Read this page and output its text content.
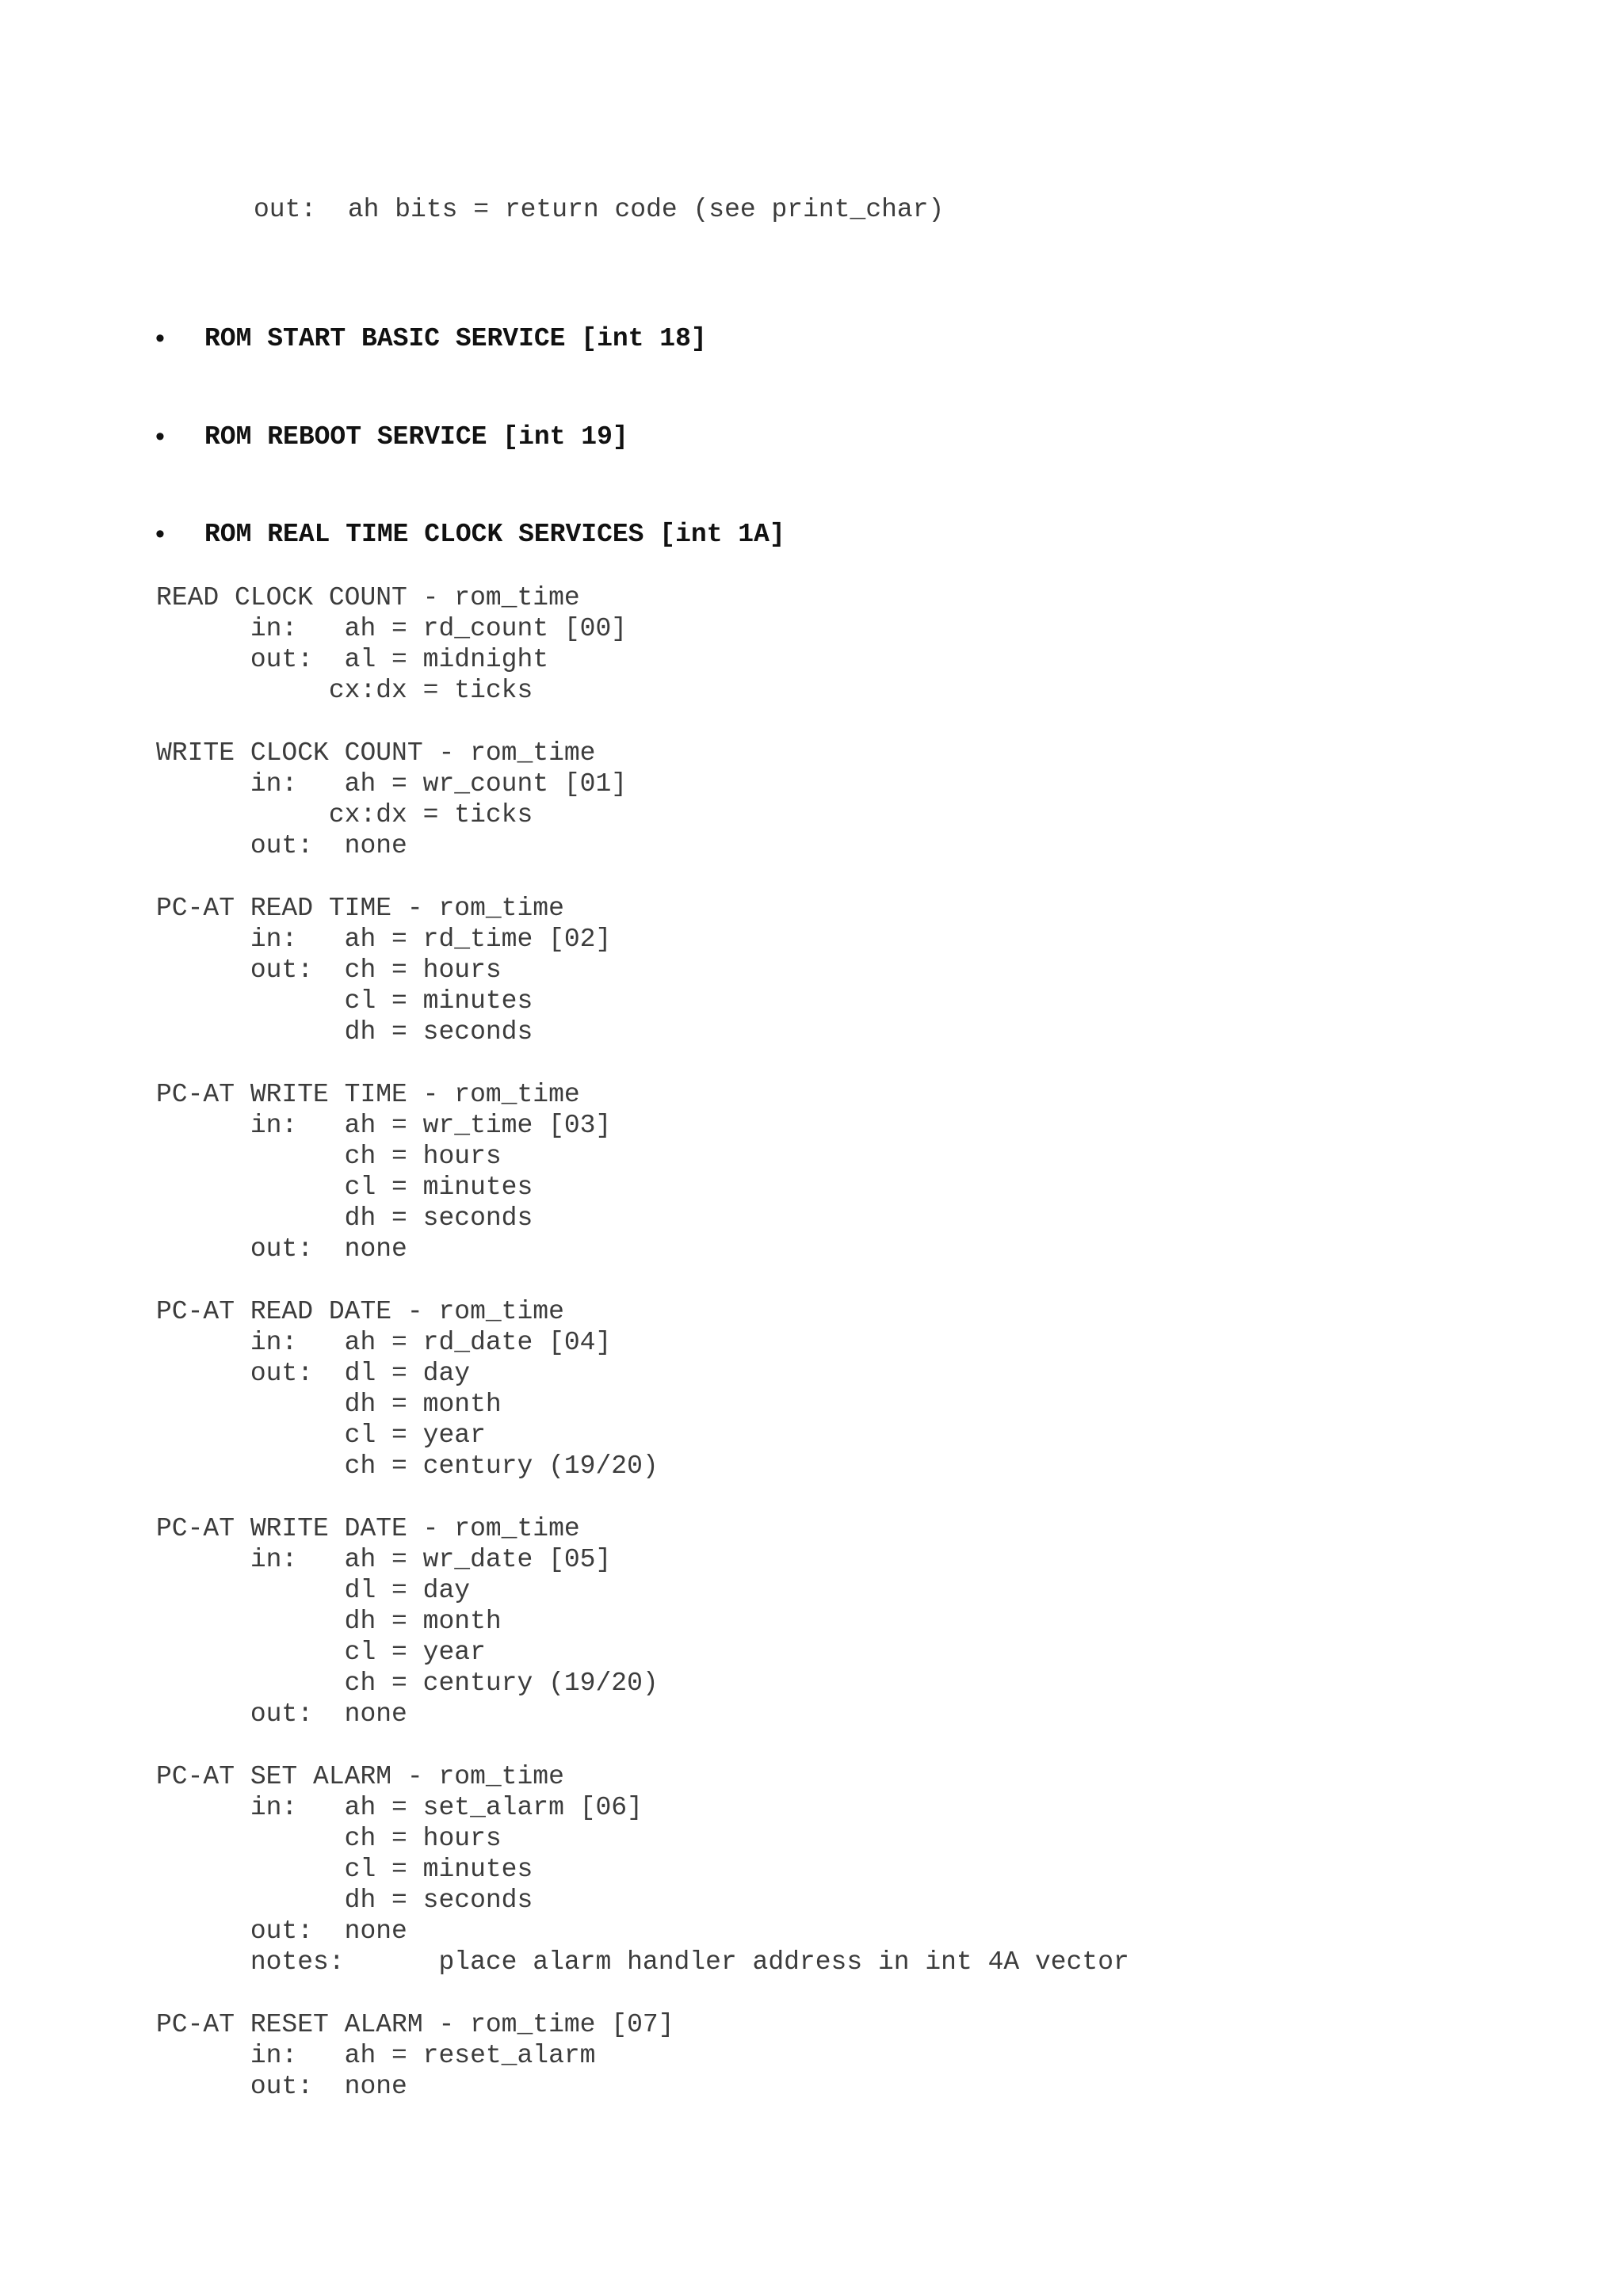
out:  ah bits = return code (see print_char)
• ROM START BASIC SERVICE [int 18]
• ROM REBOOT SERVICE [int 19]
• ROM REAL TIME CLOCK SERVICES [int 1A]
READ CLOCK COUNT - rom_time
in:   ah = rd_count [00]
out:  al = midnight
cx:dx = ticks
WRITE CLOCK COUNT - rom_time
in:   ah = wr_count [01]
cx:dx = ticks
out:  none
PC-AT READ TIME - rom_time
in:   ah = rd_time [02]
out:  ch = hours
cl = minutes
dh = seconds
PC-AT WRITE TIME - rom_time
in:   ah = wr_time [03]
ch = hours
cl = minutes
dh = seconds
out:  none
PC-AT READ DATE - rom_time
in:   ah = rd_date [04]
out:  dl = day
dh = month
cl = year
ch = century (19/20)
PC-AT WRITE DATE - rom_time
in:   ah = wr_date [05]
dl = day
dh = month
cl = year
ch = century (19/20)
out:  none
PC-AT SET ALARM - rom_time
in:   ah = set_alarm [06]
ch = hours
cl = minutes
dh = seconds
out:  none
notes:      place alarm handler address in int 4A vector
PC-AT RESET ALARM - rom_time [07]
in:   ah = reset_alarm
out:  none
